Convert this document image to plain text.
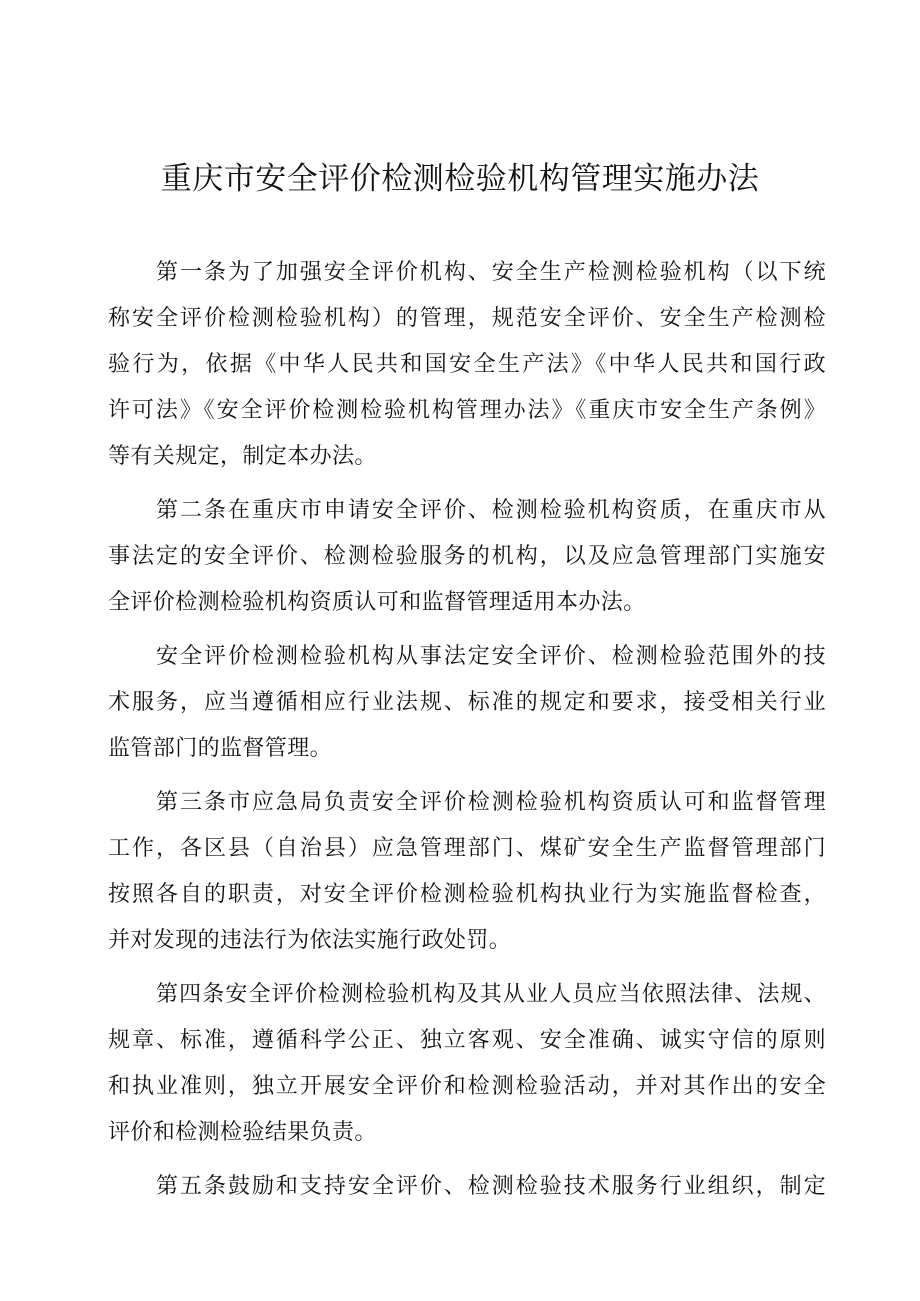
重庆市安全评价检测检验机构管理实施办法

第一条为了加强安全评价机构、安全生产检测检验机构（以下统
称安全评价检测检验机构）的管理，规范安全评价、安全生产检测检
验行为，依据《中华人民共和国安全生产法》《中华人民共和国行政
许可法》《安全评价检测检验机构管理办法》《重庆市安全生产条例》
等有关规定，制定本办法。

第二条在重庆市申请安全评价、检测检验机构资质，在重庆市从
事法定的安全评价、检测检验服务的机构，以及应急管理部门实施安
全评价检测检验机构资质认可和监督管理适用本办法。

安全评价检测检验机构从事法定安全评价、检测检验范围外的技
术服务，应当遵循相应行业法规、标准的规定和要求，接受相关行业
监管部门的监督管理。

第三条市应急局负责安全评价检测检验机构资质认可和监督管理
工作，各区县（自治县）应急管理部门、煤矿安全生产监督管理部门
按照各自的职责，对安全评价检测检验机构执业行为实施监督检查，
并对发现的违法行为依法实施行政处罚。

第四条安全评价检测检验机构及其从业人员应当依照法律、法规、
规章、标准，遵循科学公正、独立客观、安全准确、诚实守信的原则
和执业准则，独立开展安全评价和检测检验活动，并对其作出的安全
评价和检测检验结果负责。

第五条鼓励和支持安全评价、检测检验技术服务行业组织，制定
